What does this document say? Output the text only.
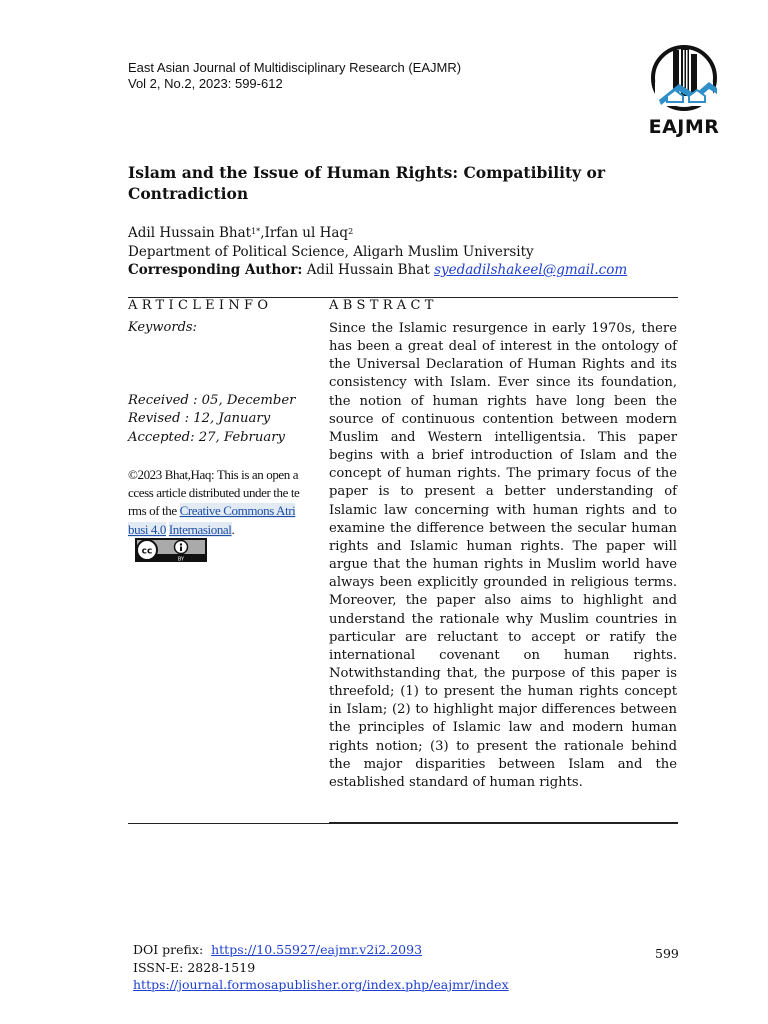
East Asian Journal of Multidisciplinary Research (EAJMR)
Vol 2, No.2, 2023: 599-612
EAJMR
Islam and the Issue of Human Rights: Compatibility or Contradiction
Adil Hussain Bhat$^{1*}$,Irfan ul Haq$^2$
Department of Political Science, Aligarh Muslim University
Corresponding Author: Adil Hussain Bhat syedadilshakeel@gmail.com
ARTICLEINFO	ABSTRACT
Keywords:
Received : 05, December
Revised : 12, January
Accepted: 27, February
©2023 Bhat,Haq: This is an open a
ccess article distributed under the te
rms of the Creative Commons Atri
busi 4.0 Internasional.
cc
BY
Since the Islamic resurgence in early 1970s, there has been a great deal of interest in the ontology of the Universal Declaration of Human Rights and its consistency with Islam. Ever since its foundation, the notion of human rights have long been the source of continuous contention between modern Muslim and Western intelligentsia. This paper begins with a brief introduction of Islam and the concept of human rights. The primary focus of the paper is to present a better understanding of Islamic law concerning with human rights and to examine the difference between the secular human rights and Islamic human rights. The paper will argue that the human rights in Muslim world have always been explicitly grounded in religious terms. Moreover, the paper also aims to highlight and understand the rationale why Muslim countries in particular are reluctant to accept or ratify the international covenant on human rights. Notwithstanding that, the purpose of this paper is threefold; (1) to present the human rights concept in Islam; (2) to highlight major differences between the principles of Islamic law and modern human rights notion; (3) to present the rationale behind the major disparities between Islam and the established standard of human rights.
DOI prefix: https://10.55927/eajmr.v2i2.2093
ISSN-E: 2828-1519
https://journal.formosapublisher.org/index.php/eajmr/index
599
